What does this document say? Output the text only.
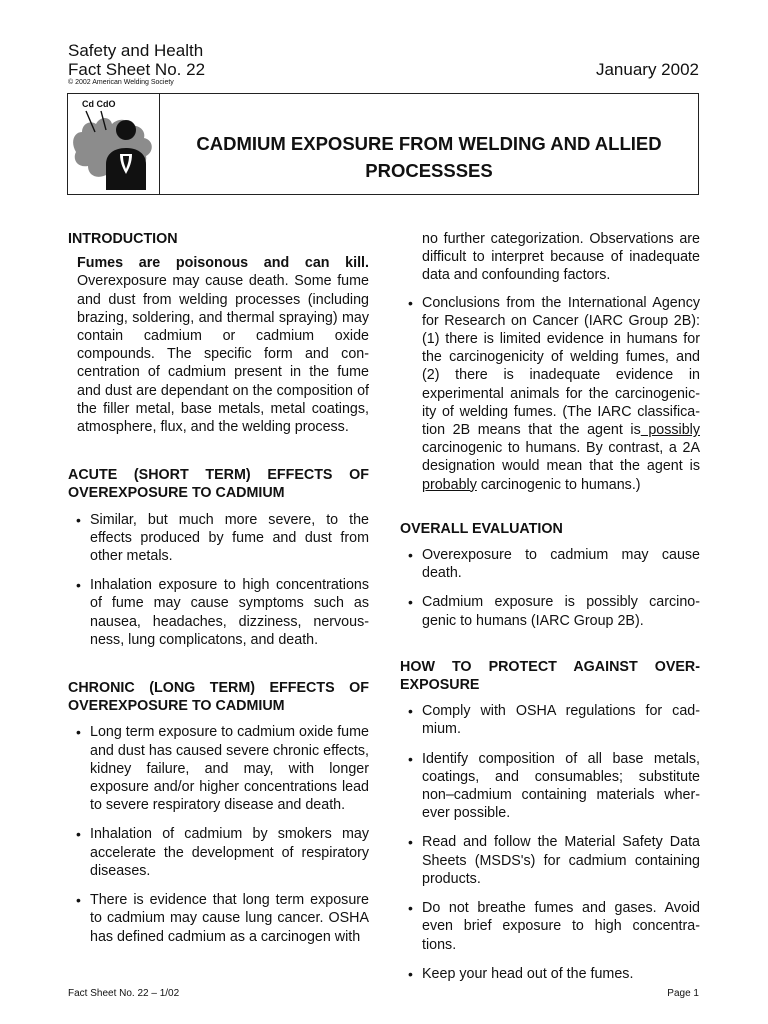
Safety and Health
Fact Sheet No. 22
© 2002 American Welding Society
January 2002
Cd CdO
CADMIUM EXPOSURE FROM WELDING AND ALLIED
PROCESSSES
INTRODUCTION

Fumes are poisonous and can kill. Overexposure may cause death. Some fume and dust from welding processes (including brazing, soldering, and thermal spraying) may contain cadmium or cadmium oxide compounds. The specific form and con-centration of cadmium present in the fume and dust are dependant on the composition of the filler metal, base metals, metal coatings, atmosphere, flux, and the welding process.

ACUTE (SHORT TERM) EFFECTS OF OVEREXPOSURE TO CADMIUM
• Similar, but much more severe, to the effects produced by fume and dust from other metals.
• Inhalation exposure to high concentrations of fume may cause symptoms such as nausea, headaches, dizziness, nervous-ness, lung complicatons, and death.
CHRONIC (LONG TERM) EFFECTS OF OVEREXPOSURE TO CADMIUM
• Long term exposure to cadmium oxide fume and dust has caused severe chronic effects, kidney failure, and may, with longer exposure and/or higher concentrations lead to severe respiratory disease and death.
• Inhalation of cadmium by smokers may accelerate the development of respiratory diseases.
• There is evidence that long term exposure to cadmium may cause lung cancer. OSHA has defined cadmium as a carcinogen with

no further categorization. Observations are difficult to interpret because of inadequate data and confounding factors.

• Conclusions from the International Agency for Research on Cancer (IARC Group 2B): (1) there is limited evidence in humans for the carcinogenicity of welding fumes, and (2) there is inadequate evidence in experimental animals for the carcinogenic-ity of welding fumes. (The IARC classifica-tion 2B means that the agent is possibly carcinogenic to humans. By contrast, a 2A designation would mean that the agent is probably carcinogenic to humans.)
OVERALL EVALUATION
• Overexposure to cadmium may cause death.
• Cadmium exposure is possibly carcino-genic to humans (IARC Group 2B).
HOW TO PROTECT AGAINST OVER-EXPOSURE
• Comply with OSHA regulations for cad-mium.
• Identify composition of all base metals, coatings, and consumables; substitute non–cadmium containing materials wher-ever possible.
• Read and follow the Material Safety Data Sheets (MSDS's) for cadmium containing products.
• Do not breathe fumes and gases. Avoid even brief exposure to high concentra-tions.
• Keep your head out of the fumes.
Fact Sheet No. 22 – 1/02	Page 1
